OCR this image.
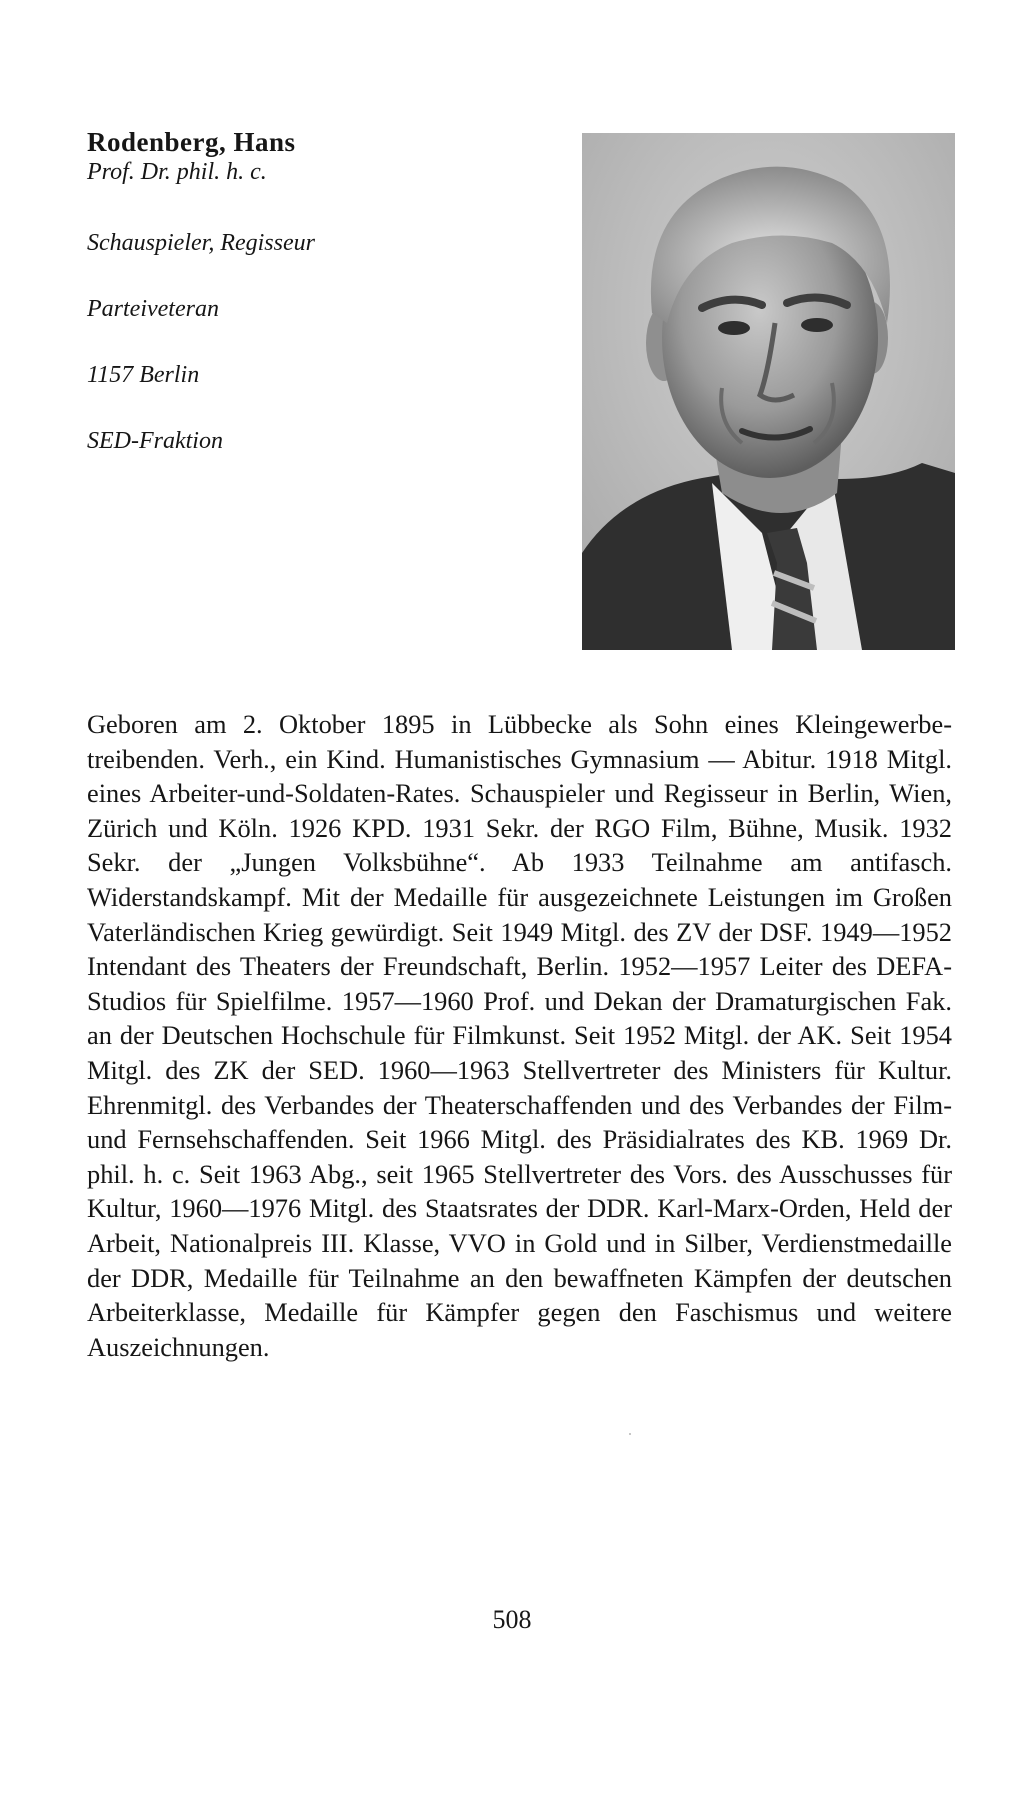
Rodenberg, Hans

Prof. Dr. phil. h. c.

Schauspieler, Regisseur

Parteiveteran

1157 Berlin

SED-Fraktion

Geboren am 2. Oktober 1895 in Lübbecke als Sohn eines Kleingewerbetreibenden. Verh., ein Kind. Humanistisches Gymnasium — Abitur. 1918 Mitgl. eines Arbeiter-und-Soldaten-Rates. Schauspieler und Regisseur in Berlin, Wien, Zürich und Köln. 1926 KPD. 1931 Sekr. der RGO Film, Bühne, Musik. 1932 Sekr. der „Jungen Volksbühne“. Ab 1933 Teilnahme am antifasch. Widerstandskampf. Mit der Medaille für ausgezeichnete Leistungen im Großen Vaterländischen Krieg gewürdigt. Seit 1949 Mitgl. des ZV der DSF. 1949—1952 Intendant des Theaters der Freundschaft, Berlin. 1952—1957 Leiter des DEFA-Studios für Spielfilme. 1957—1960 Prof. und Dekan der Dramaturgischen Fak. an der Deutschen Hochschule für Filmkunst. Seit 1952 Mitgl. der AK. Seit 1954 Mitgl. des ZK der SED. 1960—1963 Stellvertreter des Ministers für Kultur. Ehrenmitgl. des Verbandes der Theaterschaffenden und des Verbandes der Film- und Fernsehschaffenden. Seit 1966 Mitgl. des Präsidialrates des KB. 1969 Dr. phil. h. c. Seit 1963 Abg., seit 1965 Stellvertreter des Vors. des Ausschusses für Kultur, 1960—1976 Mitgl. des Staatsrates der DDR. Karl-Marx-Orden, Held der Arbeit, Nationalpreis III. Klasse, VVO in Gold und in Silber, Verdienstmedaille der DDR, Medaille für Teilnahme an den bewaffneten Kämpfen der deutschen Arbeiterklasse, Medaille für Kämpfer gegen den Faschismus und weitere Auszeichnungen.

508
